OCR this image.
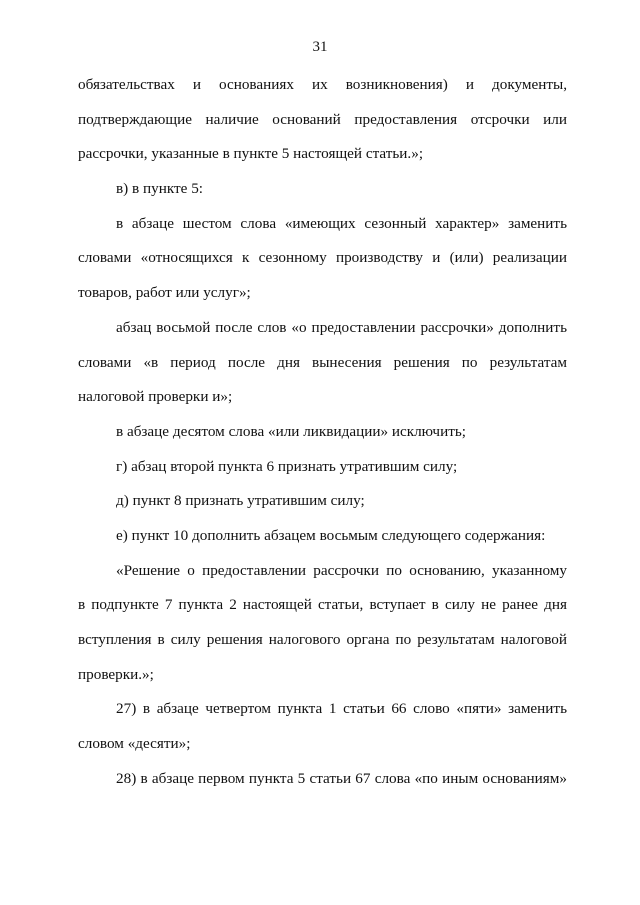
31
обязательствах и основаниях их возникновения) и документы,
подтверждающие наличие оснований предоставления отсрочки или
рассрочки, указанные в пункте 5 настоящей статьи.»;
в) в пункте 5:
в абзаце шестом слова «имеющих сезонный характер» заменить
словами «относящихся к сезонному производству и (или) реализации
товаров, работ или услуг»;
абзац восьмой после слов «о предоставлении рассрочки» дополнить
словами «в период после дня вынесения решения по результатам
налоговой проверки и»;
в абзаце десятом слова «или ликвидации» исключить;
г) абзац второй пункта 6 признать утратившим силу;
д) пункт 8 признать утратившим силу;
е) пункт 10 дополнить абзацем восьмым следующего содержания:
«Решение о предоставлении рассрочки по основанию, указанному
в подпункте 7 пункта 2 настоящей статьи, вступает в силу не ранее дня
вступления в силу решения налогового органа по результатам налоговой
проверки.»;
27) в абзаце четвертом пункта 1 статьи 66 слово «пяти» заменить
словом «десяти»;
28) в абзаце первом пункта 5 статьи 67 слова «по иным основаниям»
